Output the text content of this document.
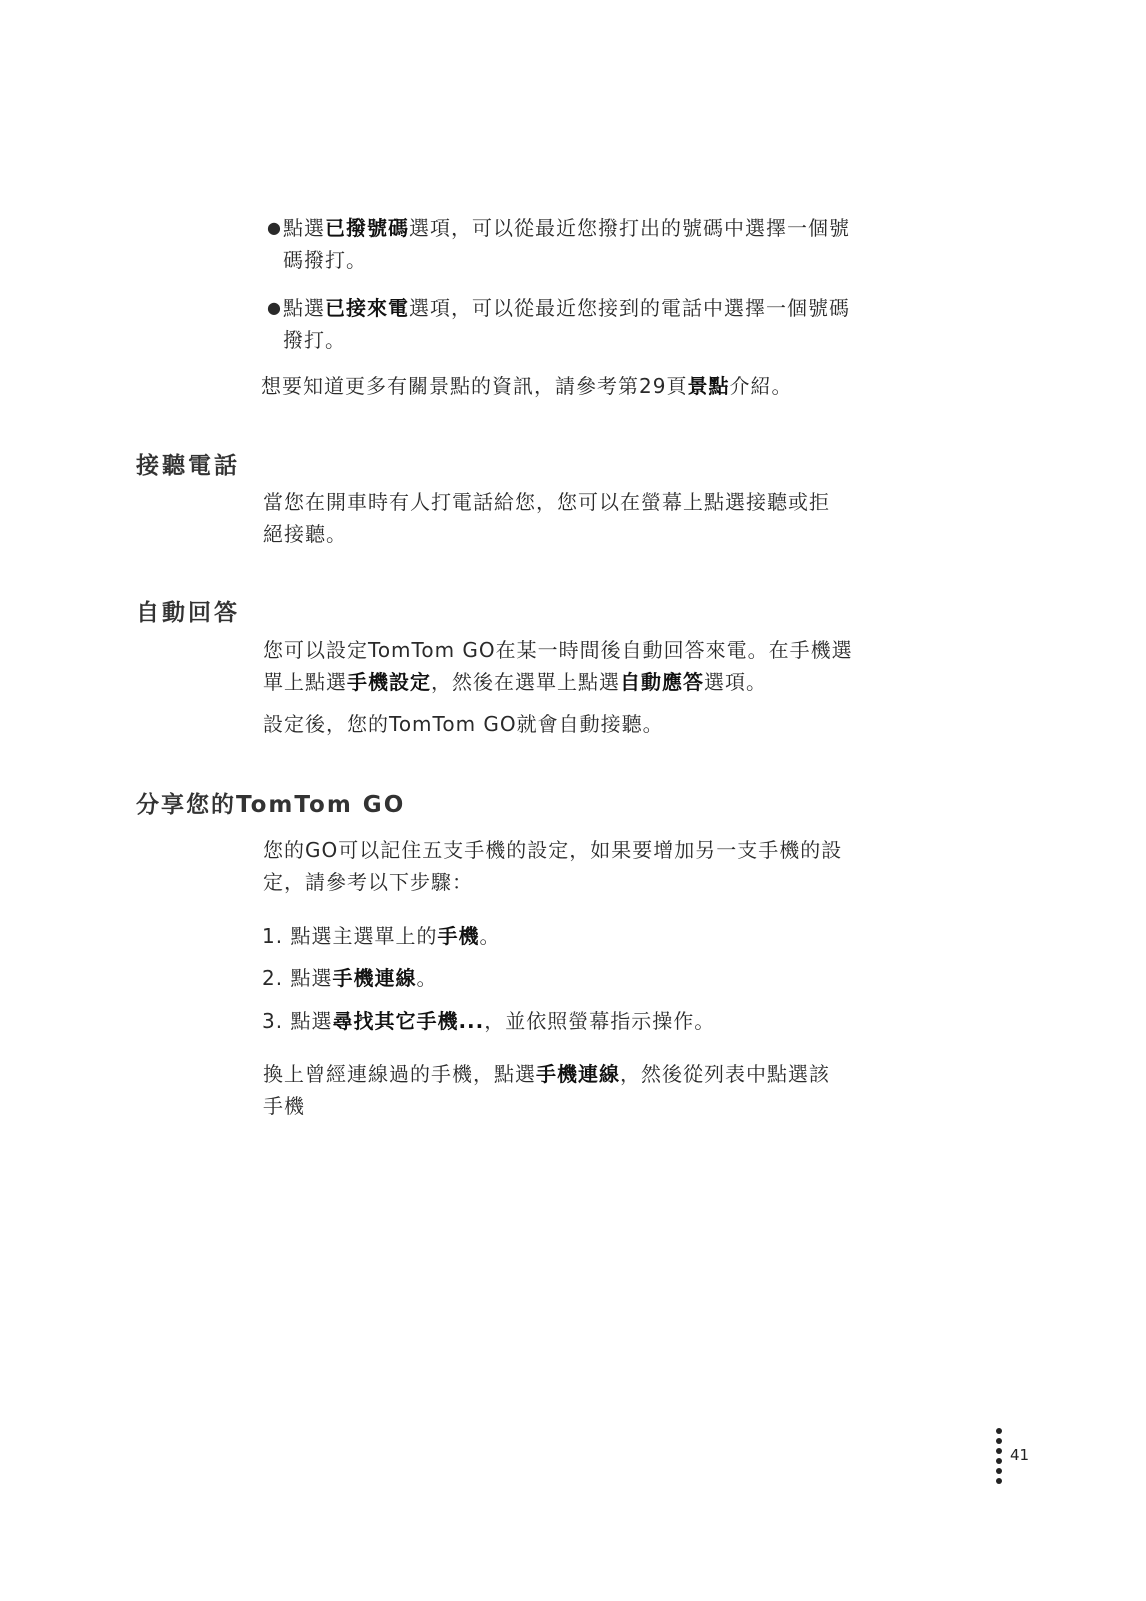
● 點選已撥號碼選項，可以從最近您撥打出的號碼中選擇一個號
碼撥打。
● 點選已接來電選項，可以從最近您接到的電話中選擇一個號碼
撥打。
想要知道更多有關景點的資訊，請參考第29頁景點介紹。
接聽電話
當您在開車時有人打電話給您，您可以在螢幕上點選接聽或拒
絕接聽。
自動回答
您可以設定TomTom GO在某一時間後自動回答來電。在手機選
單上點選手機設定，然後在選單上點選自動應答選項。
設定後，您的TomTom GO就會自動接聽。
分享您的TomTom GO
您的GO可以記住五支手機的設定，如果要增加另一支手機的設
定，請參考以下步驟：
1. 點選主選單上的手機。
2. 點選手機連線。
3. 點選尋找其它手機...，並依照螢幕指示操作。
換上曾經連線過的手機，點選手機連線，然後從列表中點選該
手機
41
